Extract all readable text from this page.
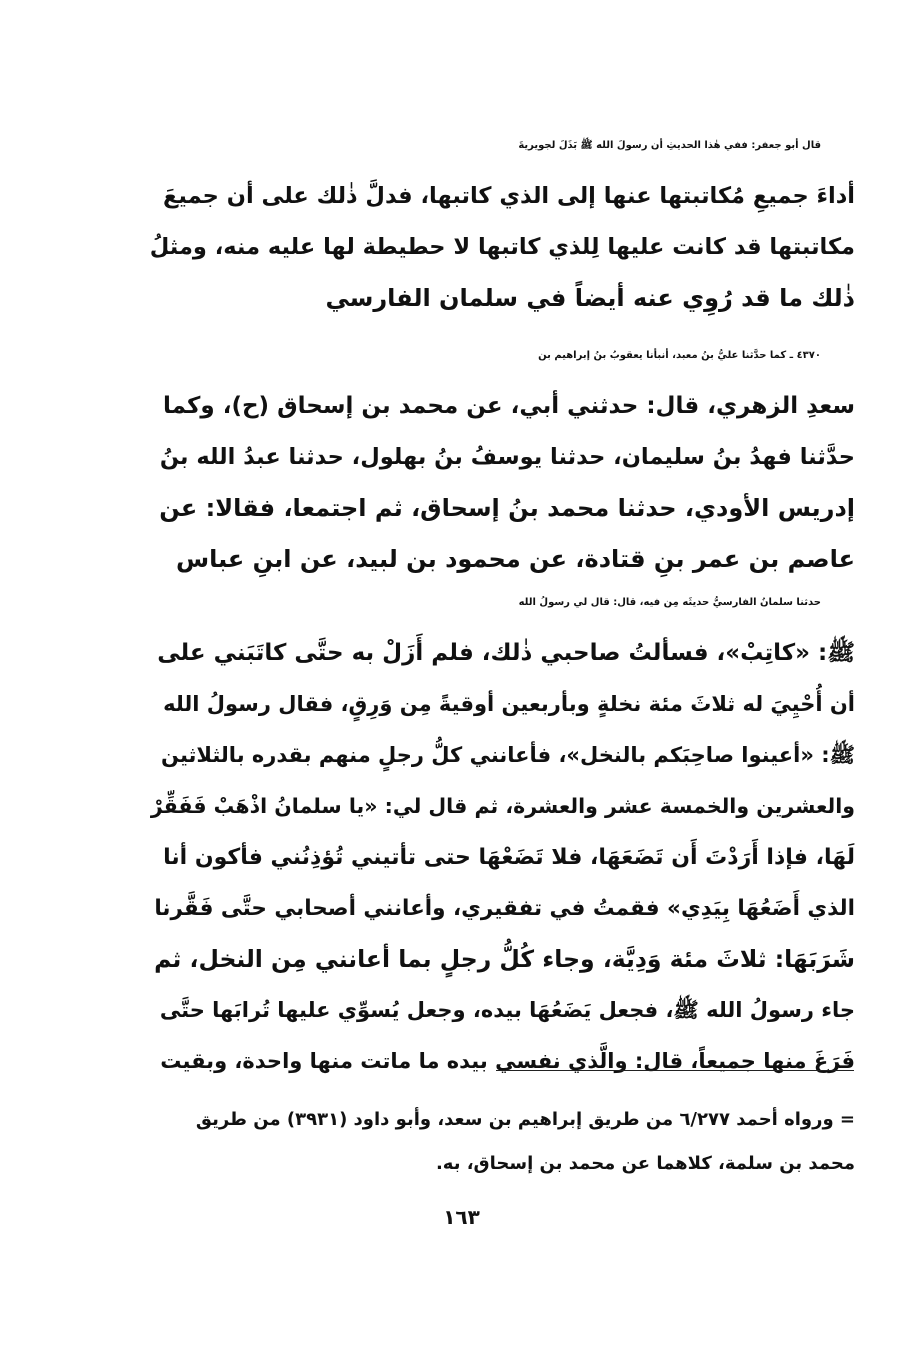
قال أبو جعفر: ففي هٰذا الحديثِ أن رسولَ الله ﷺ بَذَلَ لجويريةَ
أداءَ جميعِ مُكاتبتها عنها إلى الذي كاتبها، فدلَّ ذٰلك على أن جميعَ
مكاتبتها قد كانت عليها لِلذي كاتبها لا حطيطة لها عليه منه، ومثلُ
ذٰلك ما قد رُوِي عنه أيضاً في سلمان الفارسي
٤٣٧٠ ـ كما حدَّثنا عليُّ بنُ معبد، أنبأنا يعقوبُ بنُ إبراهيم بن
سعدِ الزهري، قال: حدثني أبي، عن محمد بن إسحاق (ح)، وكما
حدَّثنا فهدُ بنُ سليمان، حدثنا يوسفُ بنُ بهلول، حدثنا عبدُ الله بنُ
إدريس الأودي، حدثنا محمد بنُ إسحاق، ثم اجتمعا، فقالا: عن
عاصم بن عمر بنِ قتادة، عن محمود بن لبيد، عن ابنِ عباس
حدثنا سلمانُ الفارسيُّ حديثَه مِن فيه، قال: قال لي رسولُ الله
ﷺ: «كاتِبْ»، فسألتُ صاحبي ذٰلك، فلم أَزَلْ به حتَّى كاتَبَني على
أن أُحْيِيَ له ثلاثَ مئة نخلةٍ وبأربعين أوقيةً مِن وَرِقٍ، فقال رسولُ الله
ﷺ: «أعينوا صاحِبَكم بالنخل»، فأعانني كلُّ رجلٍ منهم بقدره بالثلاثين
والعشرين والخمسة عشر والعشرة، ثم قال لي: «يا سلمانُ اذْهَبْ فَفَقِّرْ
لَهَا، فإذا أَرَدْتَ أَن تَضَعَهَا، فلا تَضَعْهَا حتى تأتيني تُؤذِنُني فأكون أنا
الذي أَضَعُهَا بِيَدِي» فقمتُ في تفقيري، وأعانني أصحابي حتَّى فَقَّرنا
شَرَبَهَا: ثلاثَ مئة وَدِيَّة، وجاء كُلُّ رجلٍ بما أعانني مِن النخل، ثم
جاء رسولُ الله ﷺ، فجعل يَضَعُهَا بيده، وجعل يُسوِّي عليها تُرابَها حتَّى
فَرَغَ منها جميعاً، قال: والَّذي نفسي بيده ما ماتت منها واحدة، وبقيت
= ورواه أحمد ٦/٢٧٧ من طريق إبراهيم بن سعد، وأبو داود (٣٩٣١) من طريق
محمد بن سلمة، كلاهما عن محمد بن إسحاق، به.
١٦٣
